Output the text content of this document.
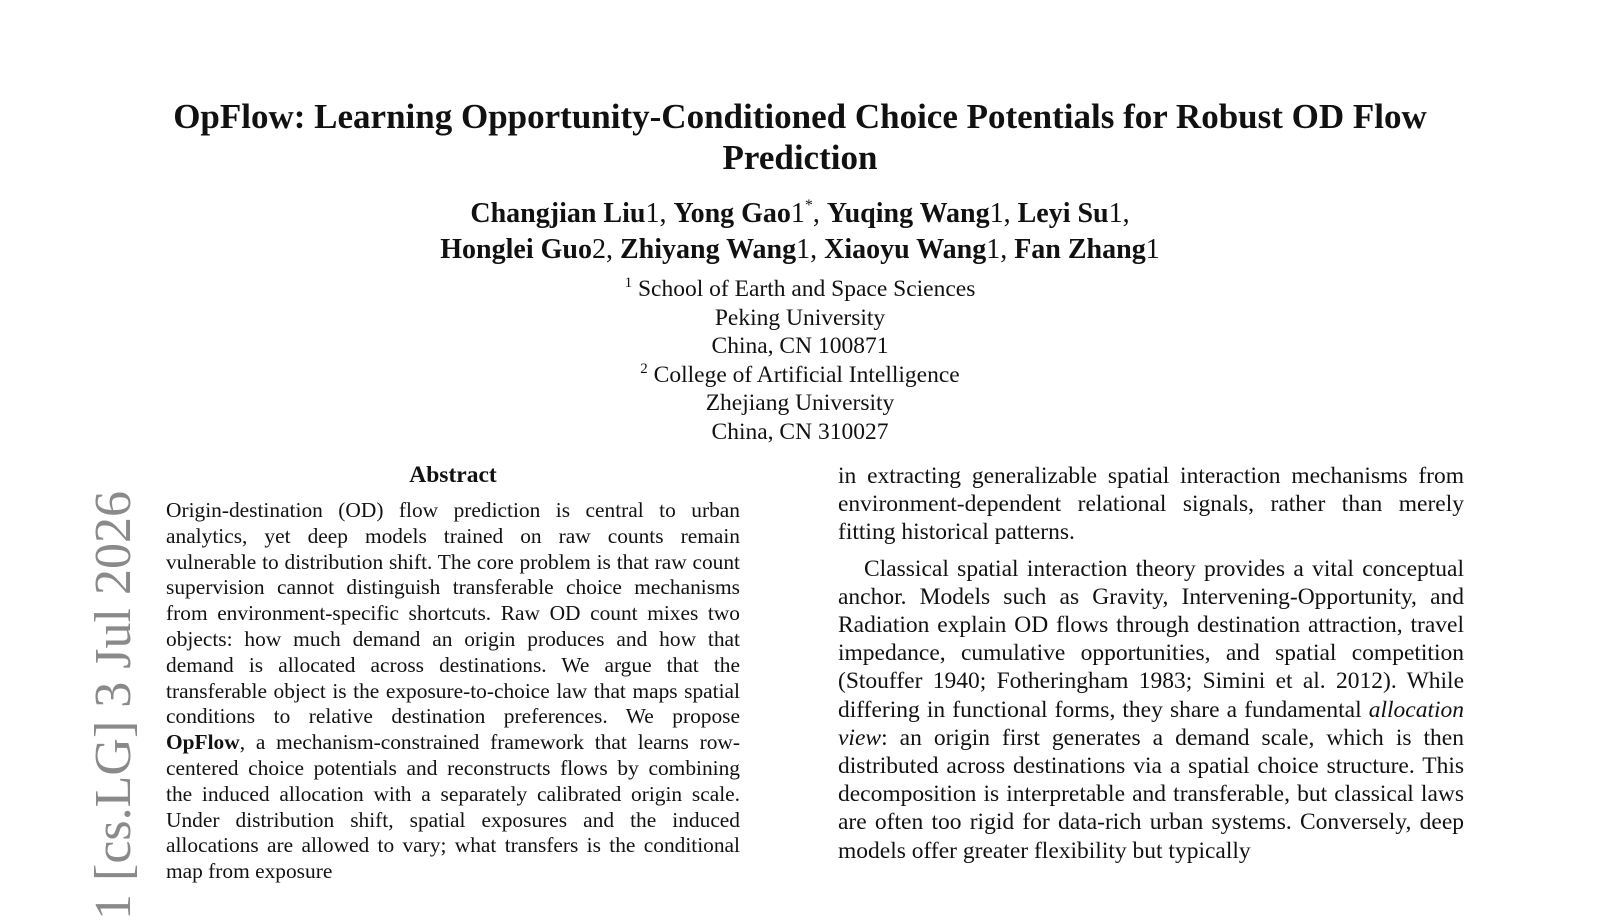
1 [cs.LG] 3 Jul 2026
OpFlow: Learning Opportunity-Conditioned Choice Potentials for Robust OD Flow Prediction
Changjian Liu1, Yong Gao1*, Yuqing Wang1, Leyi Su1,
Honglei Guo2, Zhiyang Wang1, Xiaoyu Wang1, Fan Zhang1
$^1$ School of Earth and Space Sciences
Peking University
China, CN 100871
$^2$ College of Artificial Intelligence
Zhejiang University
China, CN 310027
Abstract

Origin-destination (OD) flow prediction is central to urban analytics, yet deep models trained on raw counts remain vulnerable to distribution shift. The core problem is that raw count supervision cannot distinguish transferable choice mechanisms from environment-specific shortcuts. Raw OD count mixes two objects: how much demand an origin produces and how that demand is allocated across destinations. We argue that the transferable object is the exposure-to-choice law that maps spatial conditions to relative destination preferences. We propose OpFlow, a mechanism-constrained framework that learns row-centered choice potentials and reconstructs flows by combining the induced allocation with a separately calibrated origin scale. Under distribution shift, spatial exposures and the induced allocations are allowed to vary; what transfers is the conditional map from exposure

in extracting generalizable spatial interaction mechanisms from environment-dependent relational signals, rather than merely fitting historical patterns.

Classical spatial interaction theory provides a vital conceptual anchor. Models such as Gravity, Intervening-Opportunity, and Radiation explain OD flows through destination attraction, travel impedance, cumulative opportunities, and spatial competition (Stouffer 1940; Fotheringham 1983; Simini et al. 2012). While differing in functional forms, they share a fundamental allocation view: an origin first generates a demand scale, which is then distributed across destinations via a spatial choice structure. This decomposition is interpretable and transferable, but classical laws are often too rigid for data-rich urban systems. Conversely, deep models offer greater flexibility but typically
